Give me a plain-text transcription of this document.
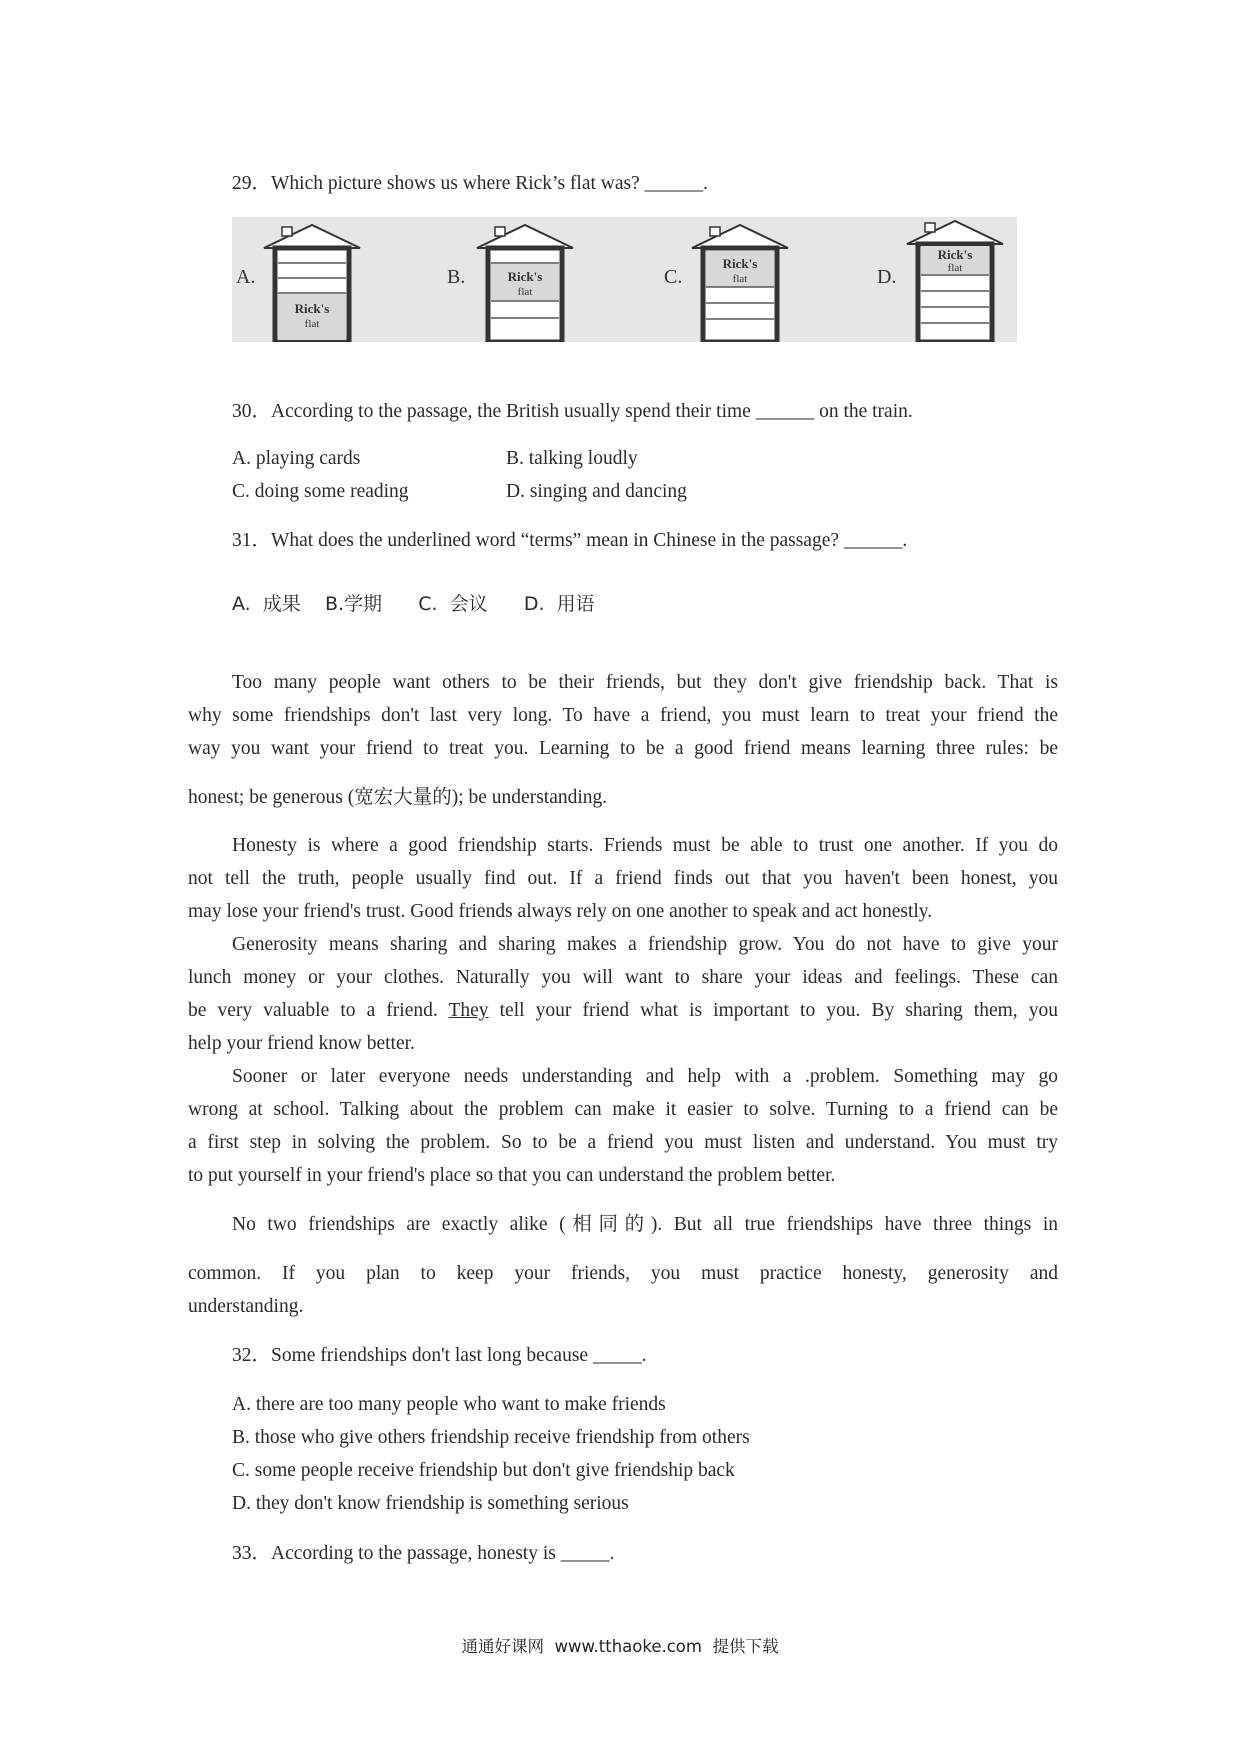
29．Which picture shows us where Rick’s flat was? ______.
A.
Rick's
flat
B.	Rick's
flat
C.
Rick's
flat	D.
Rick's
flat
30．According to the passage, the British usually spend their time ______ on the train.
A. playing cards	B. talking loudly
C. doing some reading	D. singing and dancing
31．What does the underlined word “terms” mean in Chinese in the passage? ______.
A.  成果    B.学期      C.  会议      D.  用语
Too many people want others to be their friends, but they don't give friendship back. That is
why some friendships don't last very long. To have a friend, you must learn to treat your friend the
way you want your friend to treat you. Learning to be a good friend means learning three rules: be
honest; be generous (宽宏大量的); be understanding.
Honesty is where a good friendship starts. Friends must be able to trust one another. If you do
not tell the truth, people usually find out. If a friend finds out that you haven't been honest, you
may lose your friend's trust. Good friends always rely on one another to speak and act honestly.
Generosity means sharing and sharing makes a friendship grow. You do not have to give your
lunch money or your clothes. Naturally you will want to share your ideas and feelings. These can
be very valuable to a friend. They tell your friend what is important to you. By sharing them, you
help your friend know better.
Sooner or later everyone needs understanding and help with a .problem. Something may go
wrong at school. Talking about the problem can make it easier to solve. Turning to a friend can be
a first step in solving the problem. So to be a friend you must listen and understand. You must try
to put yourself in your friend's place so that you can understand the problem better.
No two friendships are exactly alike (相同的). But all true friendships have three things in
common. If you plan to keep your friends, you must practice honesty, generosity and
understanding.
32．Some friendships don't last long because _____.
A. there are too many people who want to make friends
B. those who give others friendship receive friendship from others
C. some people receive friendship but don't give friendship back
D. they don't know friendship is something serious
33．According to the passage, honesty is _____.
通通好课网  www.tthaoke.com  提供下载
